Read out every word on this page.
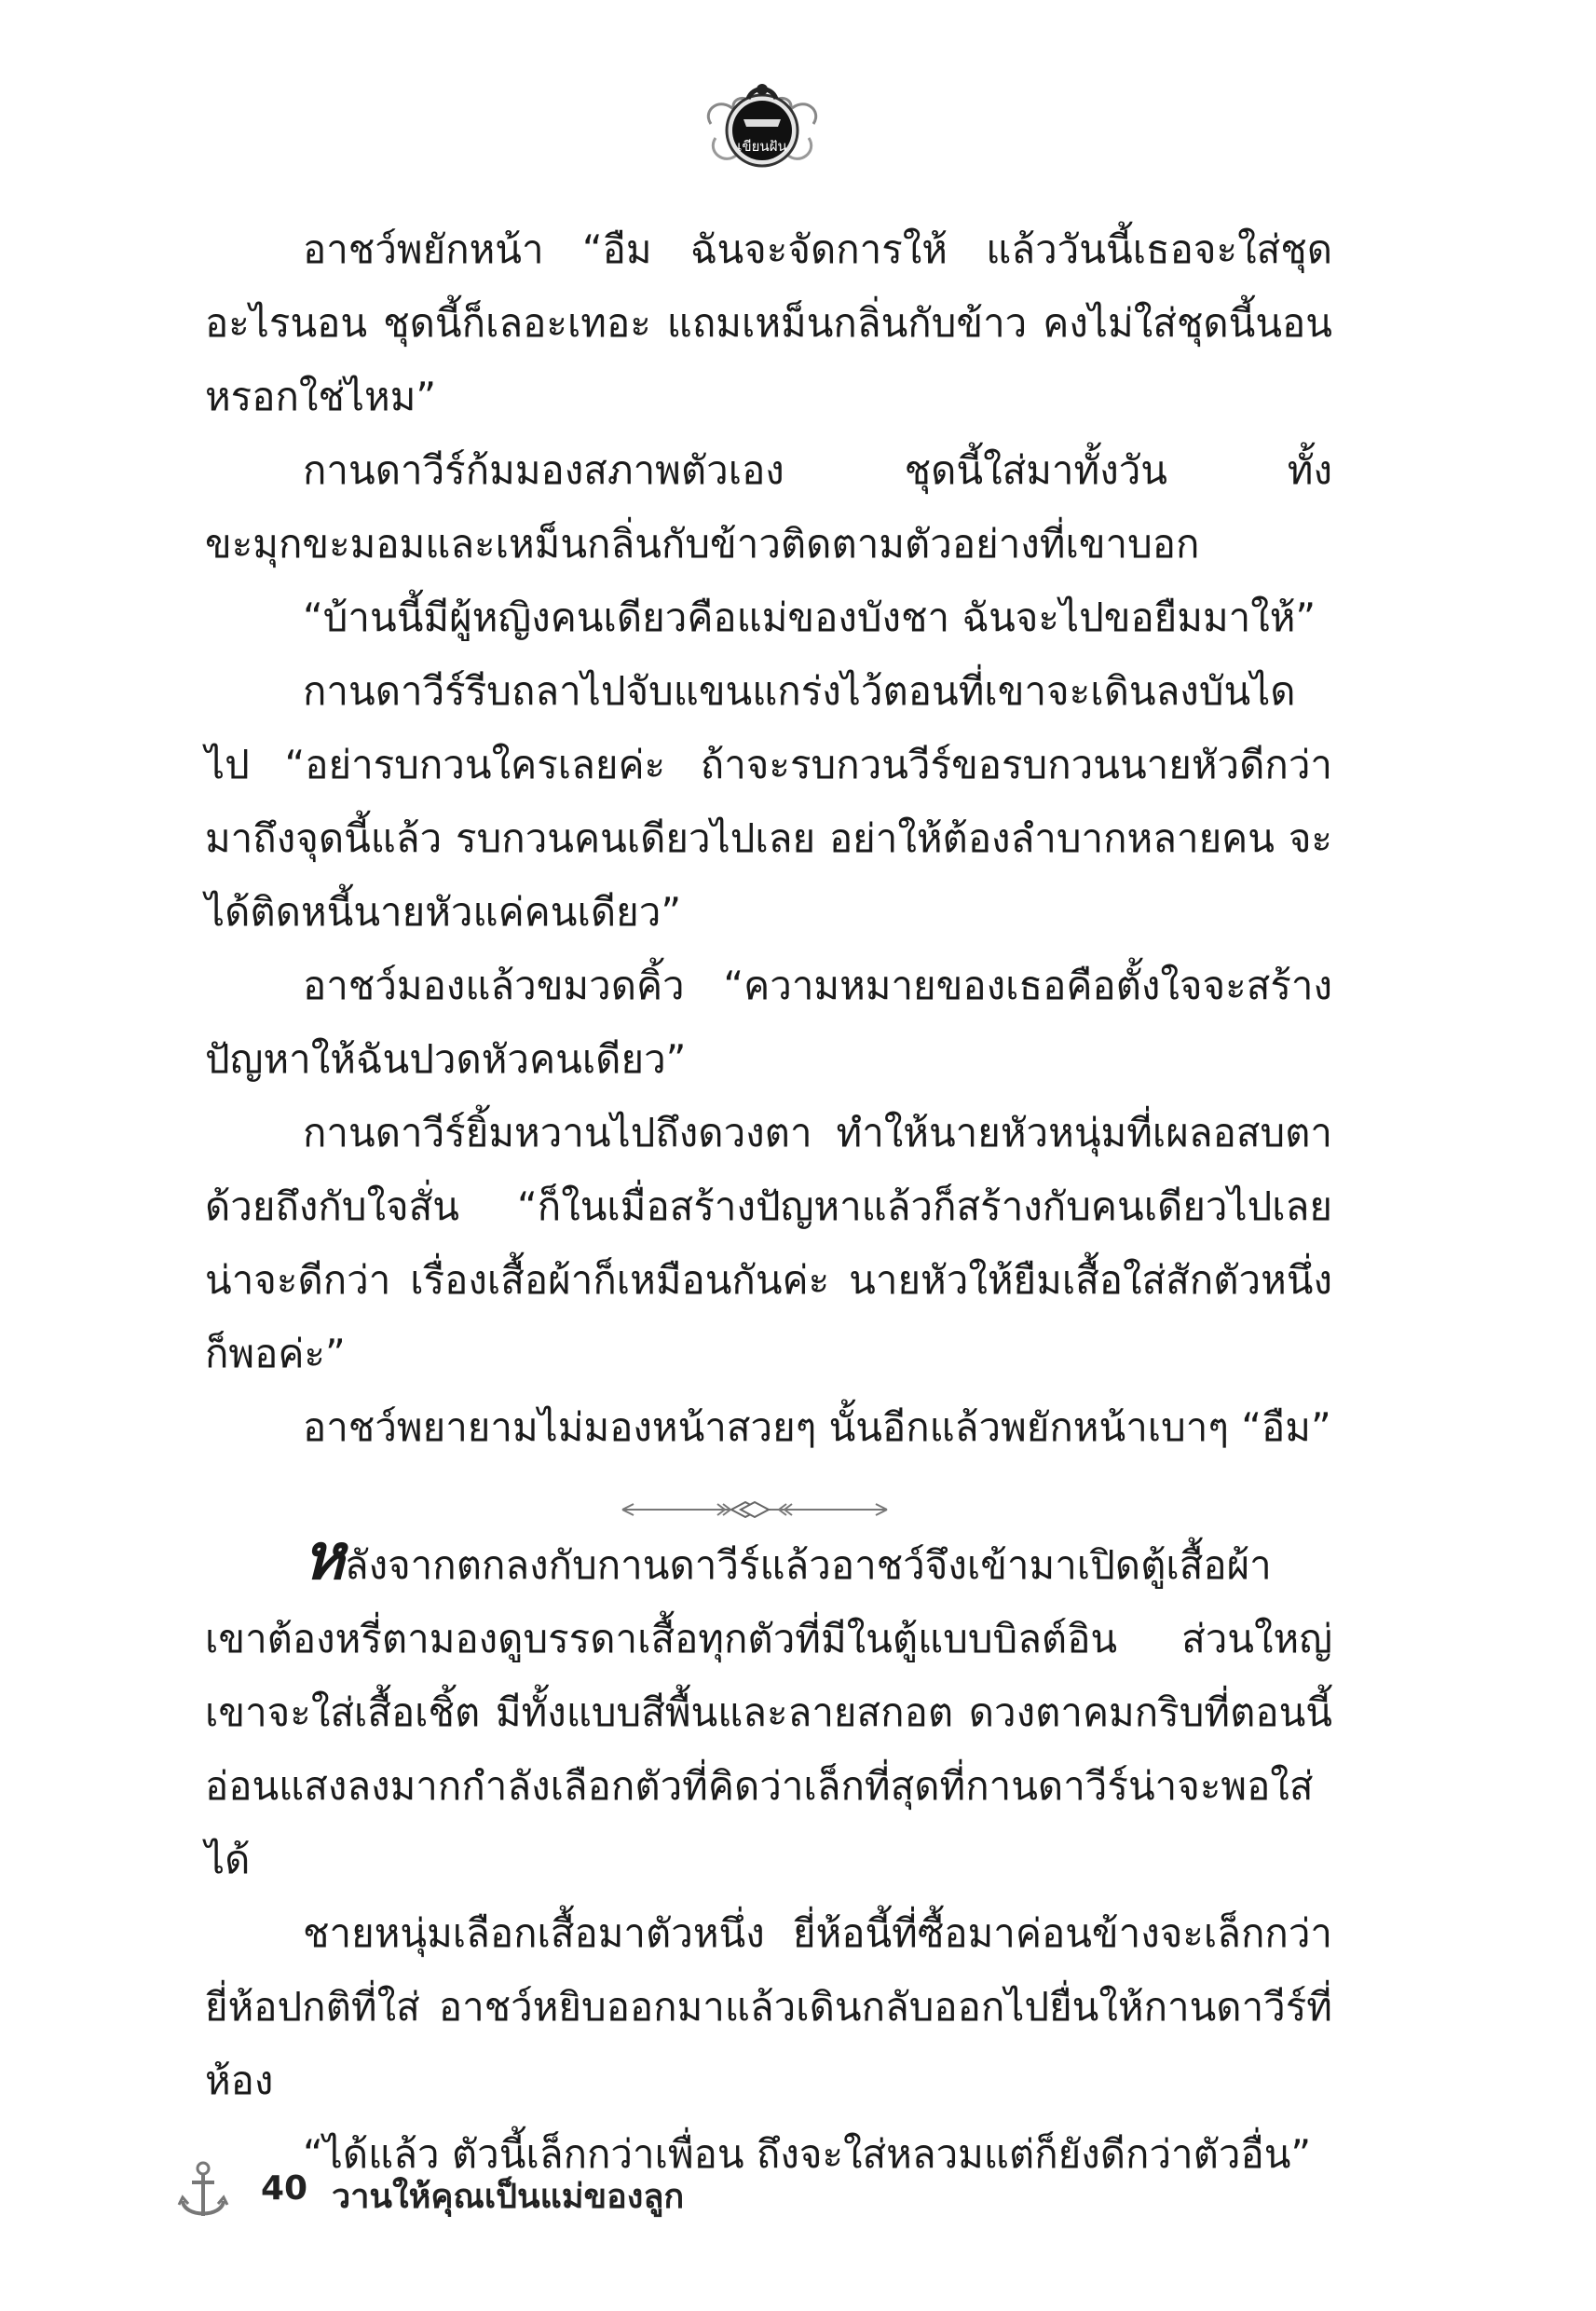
เขียนฝัน

อาชว์พยักหน้า “อืม ฉันจะจัดการให้ แล้ววันนี้เธอจะใส่ชุดอะไรนอน ชุดนี้ก็เลอะเทอะ แถมเหม็นกลิ่นกับข้าว คงไม่ใส่ชุดนี้นอนหรอกใช่ไหม”

กานดาวีร์ก้มมองสภาพตัวเอง ชุดนี้ใส่มาทั้งวัน ทั้งขะมุกขะมอมและเหม็นกลิ่นกับข้าวติดตามตัวอย่างที่เขาบอก

“บ้านนี้มีผู้หญิงคนเดียวคือแม่ของบังชา ฉันจะไปขอยืมมาให้”

กานดาวีร์รีบถลาไปจับแขนแกร่งไว้ตอนที่เขาจะเดินลงบันไดไป “อย่ารบกวนใครเลยค่ะ ถ้าจะรบกวนวีร์ขอรบกวนนายหัวดีกว่า มาถึงจุดนี้แล้ว รบกวนคนเดียวไปเลย อย่าให้ต้องลำบากหลายคน จะได้ติดหนี้นายหัวแค่คนเดียว”

อาชว์มองแล้วขมวดคิ้ว “ความหมายของเธอคือตั้งใจจะสร้างปัญหาให้ฉันปวดหัวคนเดียว”

กานดาวีร์ยิ้มหวานไปถึงดวงตา ทำให้นายหัวหนุ่มที่เผลอสบตาด้วยถึงกับใจสั่น “ก็ในเมื่อสร้างปัญหาแล้วก็สร้างกับคนเดียวไปเลยน่าจะดีกว่า เรื่องเสื้อผ้าก็เหมือนกันค่ะ นายหัวให้ยืมเสื้อใส่สักตัวหนึ่งก็พอค่ะ”

อาชว์พยายามไม่มองหน้าสวยๆ นั้นอีกแล้วพยักหน้าเบาๆ “อืม”

หลังจากตกลงกับกานดาวีร์แล้วอาชว์จึงเข้ามาเปิดตู้เสื้อผ้า เขาต้องหรี่ตามองดูบรรดาเสื้อทุกตัวที่มีในตู้แบบบิลต์อิน ส่วนใหญ่เขาจะใส่เสื้อเชิ้ต มีทั้งแบบสีพื้นและลายสกอต ดวงตาคมกริบที่ตอนนี้อ่อนแสงลงมากกำลังเลือกตัวที่คิดว่าเล็กที่สุดที่กานดาวีร์น่าจะพอใส่ได้

ชายหนุ่มเลือกเสื้อมาตัวหนึ่ง ยี่ห้อนี้ที่ซื้อมาค่อนข้างจะเล็กกว่ายี่ห้อปกติที่ใส่ อาชว์หยิบออกมาแล้วเดินกลับออกไปยื่นให้กานดาวีร์ที่ห้อง

“ได้แล้ว ตัวนี้เล็กกว่าเพื่อน ถึงจะใส่หลวมแต่ก็ยังดีกว่าตัวอื่น”

40 วานให้คุณเป็นแม่ของลูก
